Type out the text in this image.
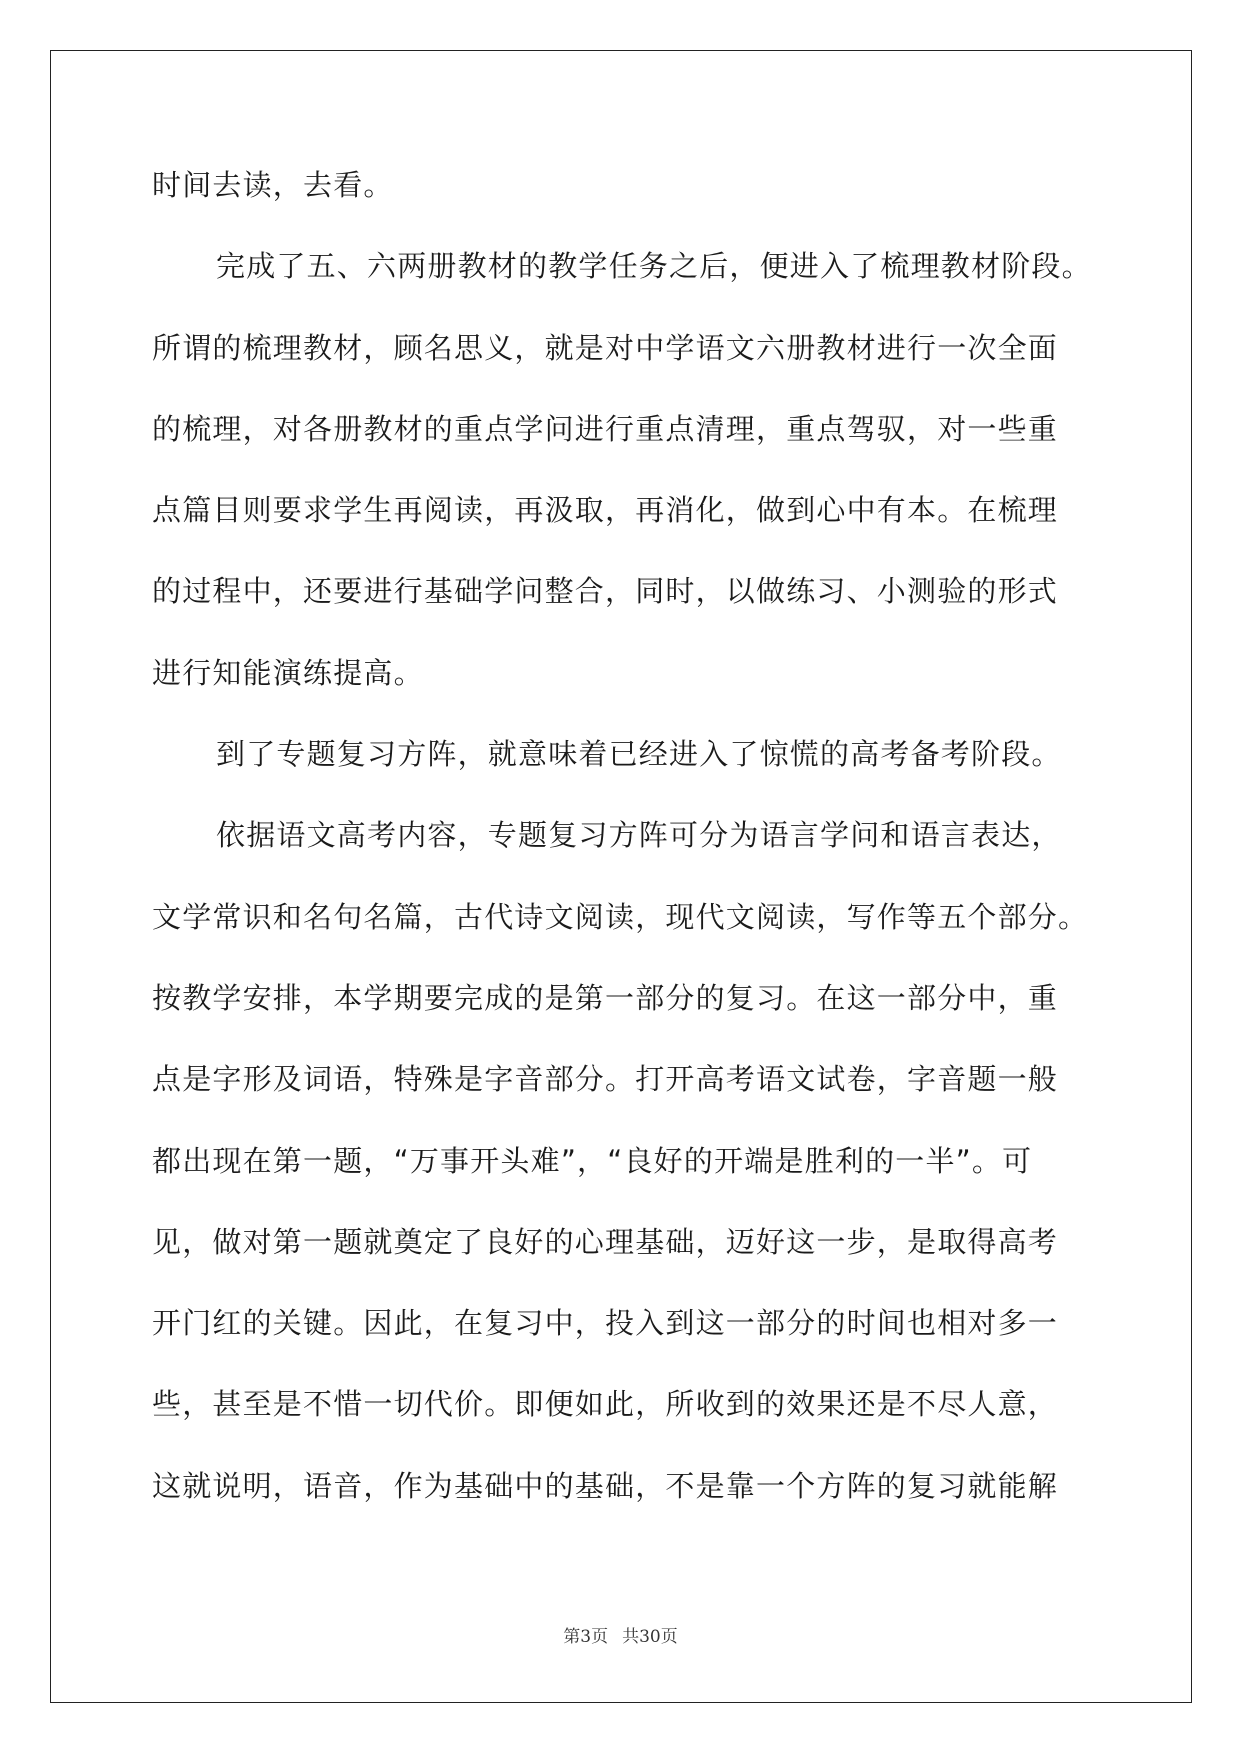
时间去读，去看。
完成了五、六两册教材的教学任务之后，便进入了梳理教材阶段。
所谓的梳理教材，顾名思义，就是对中学语文六册教材进行一次全面
的梳理，对各册教材的重点学问进行重点清理，重点驾驭，对一些重
点篇目则要求学生再阅读，再汲取，再消化，做到心中有本。在梳理
的过程中，还要进行基础学问整合，同时，以做练习、小测验的形式
进行知能演练提高。
到了专题复习方阵，就意味着已经进入了惊慌的高考备考阶段。
依据语文高考内容，专题复习方阵可分为语言学问和语言表达，
文学常识和名句名篇，古代诗文阅读，现代文阅读，写作等五个部分。
按教学安排，本学期要完成的是第一部分的复习。在这一部分中，重
点是字形及词语，特殊是字音部分。打开高考语文试卷，字音题一般
都出现在第一题，“万事开头难”，“良好的开端是胜利的一半”。可
见，做对第一题就奠定了良好的心理基础，迈好这一步，是取得高考
开门红的关键。因此，在复习中，投入到这一部分的时间也相对多一
些，甚至是不惜一切代价。即便如此，所收到的效果还是不尽人意，
这就说明，语音，作为基础中的基础，不是靠一个方阵的复习就能解
第3页 共30页
